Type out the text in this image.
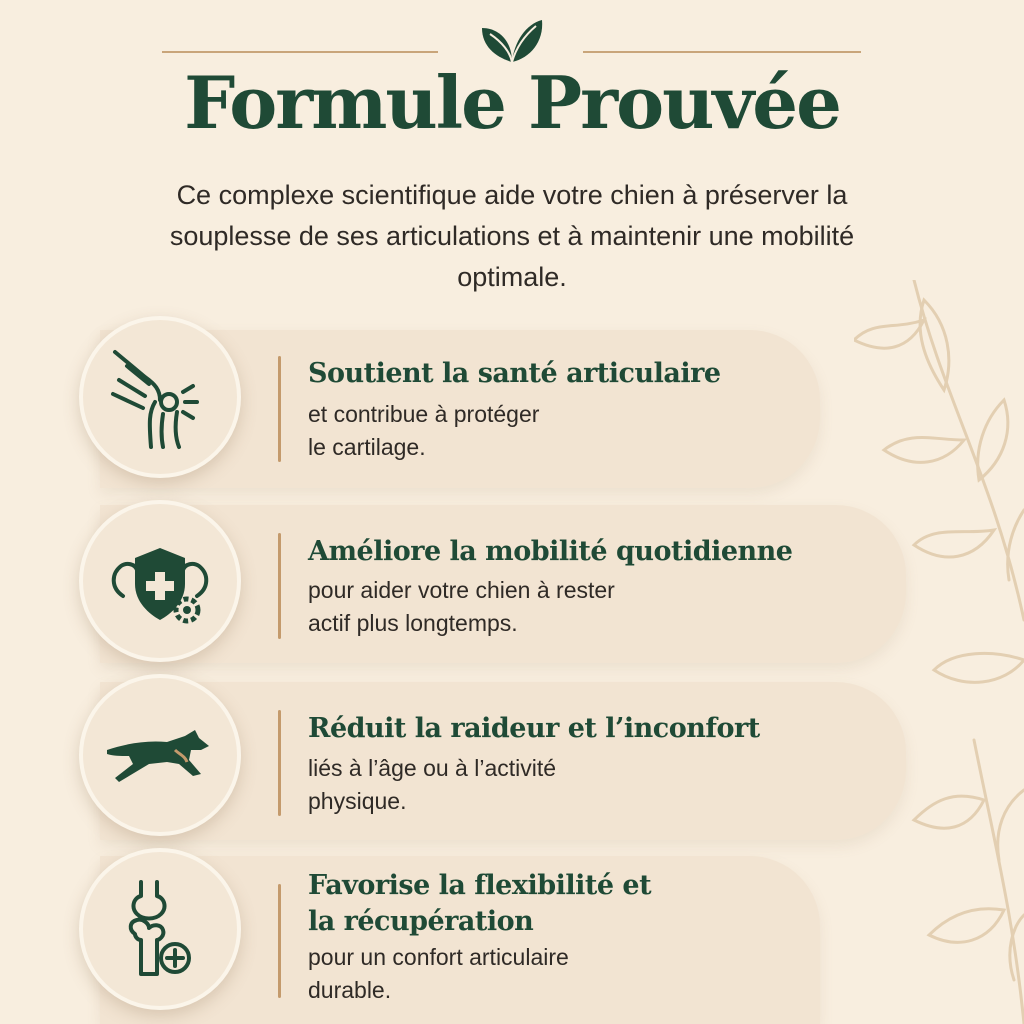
Formule Prouvée

Ce complexe scientifique aide votre chien à préserver la souplesse de ses articulations et à maintenir une mobilité optimale.

Soutient la santé articulaire

et contribue à protéger

le cartilage.

Améliore la mobilité quotidienne

pour aider votre chien à rester

actif plus longtemps.

Réduit la raideur et l’inconfort

liés à l’âge ou à l’activité

physique.

Favorise la flexibilité et
la récupération

pour un confort articulaire

durable.
